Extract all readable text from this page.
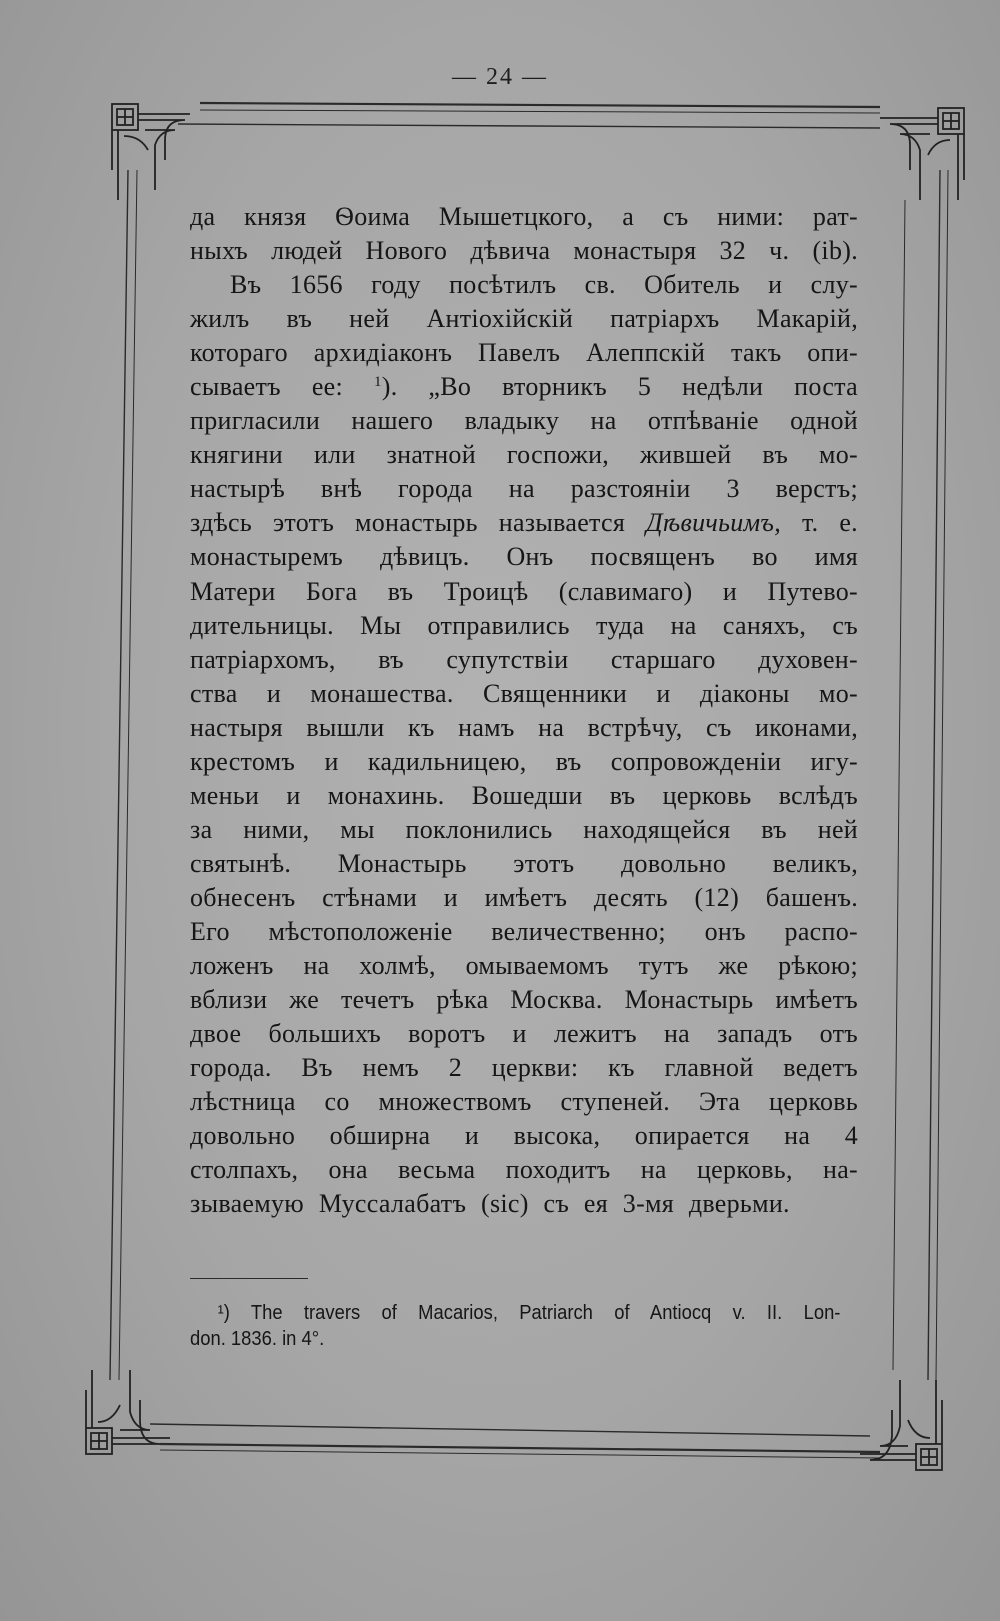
— 24 —
да князя Ѳоима Мышетцкого, а съ ними: рат-
ныхъ людей Нового дѣвича монастыря 32 ч. (ib).
Въ 1656 году посѣтилъ св. Обитель и слу-
жилъ въ ней Антіохійскій патріархъ Макарій,
котораго архидіаконъ Павелъ Алеппскій такъ опи-
сываетъ ее: $^1$). „Во вторникъ 5 недѣли поста
пригласили нашего владыку на отпѣваніе одной
княгини или знатной госпожи, жившей въ мо-
настырѣ внѣ города на разстояніи 3 верстъ;
здѣсь этотъ монастырь называется Дѣвичьимъ, т. е.
монастыремъ дѣвицъ. Онъ посвященъ во имя
Матери Бога въ Троицѣ (славимаго) и Путево-
дительницы. Мы отправились туда на саняхъ, съ
патріархомъ, въ супутствіи старшаго духовен-
ства и монашества. Священники и діаконы мо-
настыря вышли къ намъ на встрѣчу, съ иконами,
крестомъ и кадильницею, въ сопровожденіи игу-
меньи и монахинь. Вошедши въ церковь вслѣдъ
за ними, мы поклонились находящейся въ ней
святынѣ. Монастырь этотъ довольно великъ,
обнесенъ стѣнами и имѣетъ десять (12) башенъ.
Его мѣстоположеніе величественно; онъ распо-
ложенъ на холмѣ, омываемомъ тутъ же рѣкою;
вблизи же течетъ рѣка Москва. Монастырь имѣетъ
двое большихъ воротъ и лежитъ на западъ отъ
города. Въ немъ 2 церкви: къ главной ведетъ
лѣстница со множествомъ ступеней. Эта церковь
довольно обширна и высока, опирается на 4
столпахъ, она весьма походитъ на церковь, на-
зываемую Муссалабатъ (sic) съ ея 3-мя дверьми.
¹) The travers of Macarios, Patriarch of Antiocq v. II. Lon-
don. 1836. in 4°.
